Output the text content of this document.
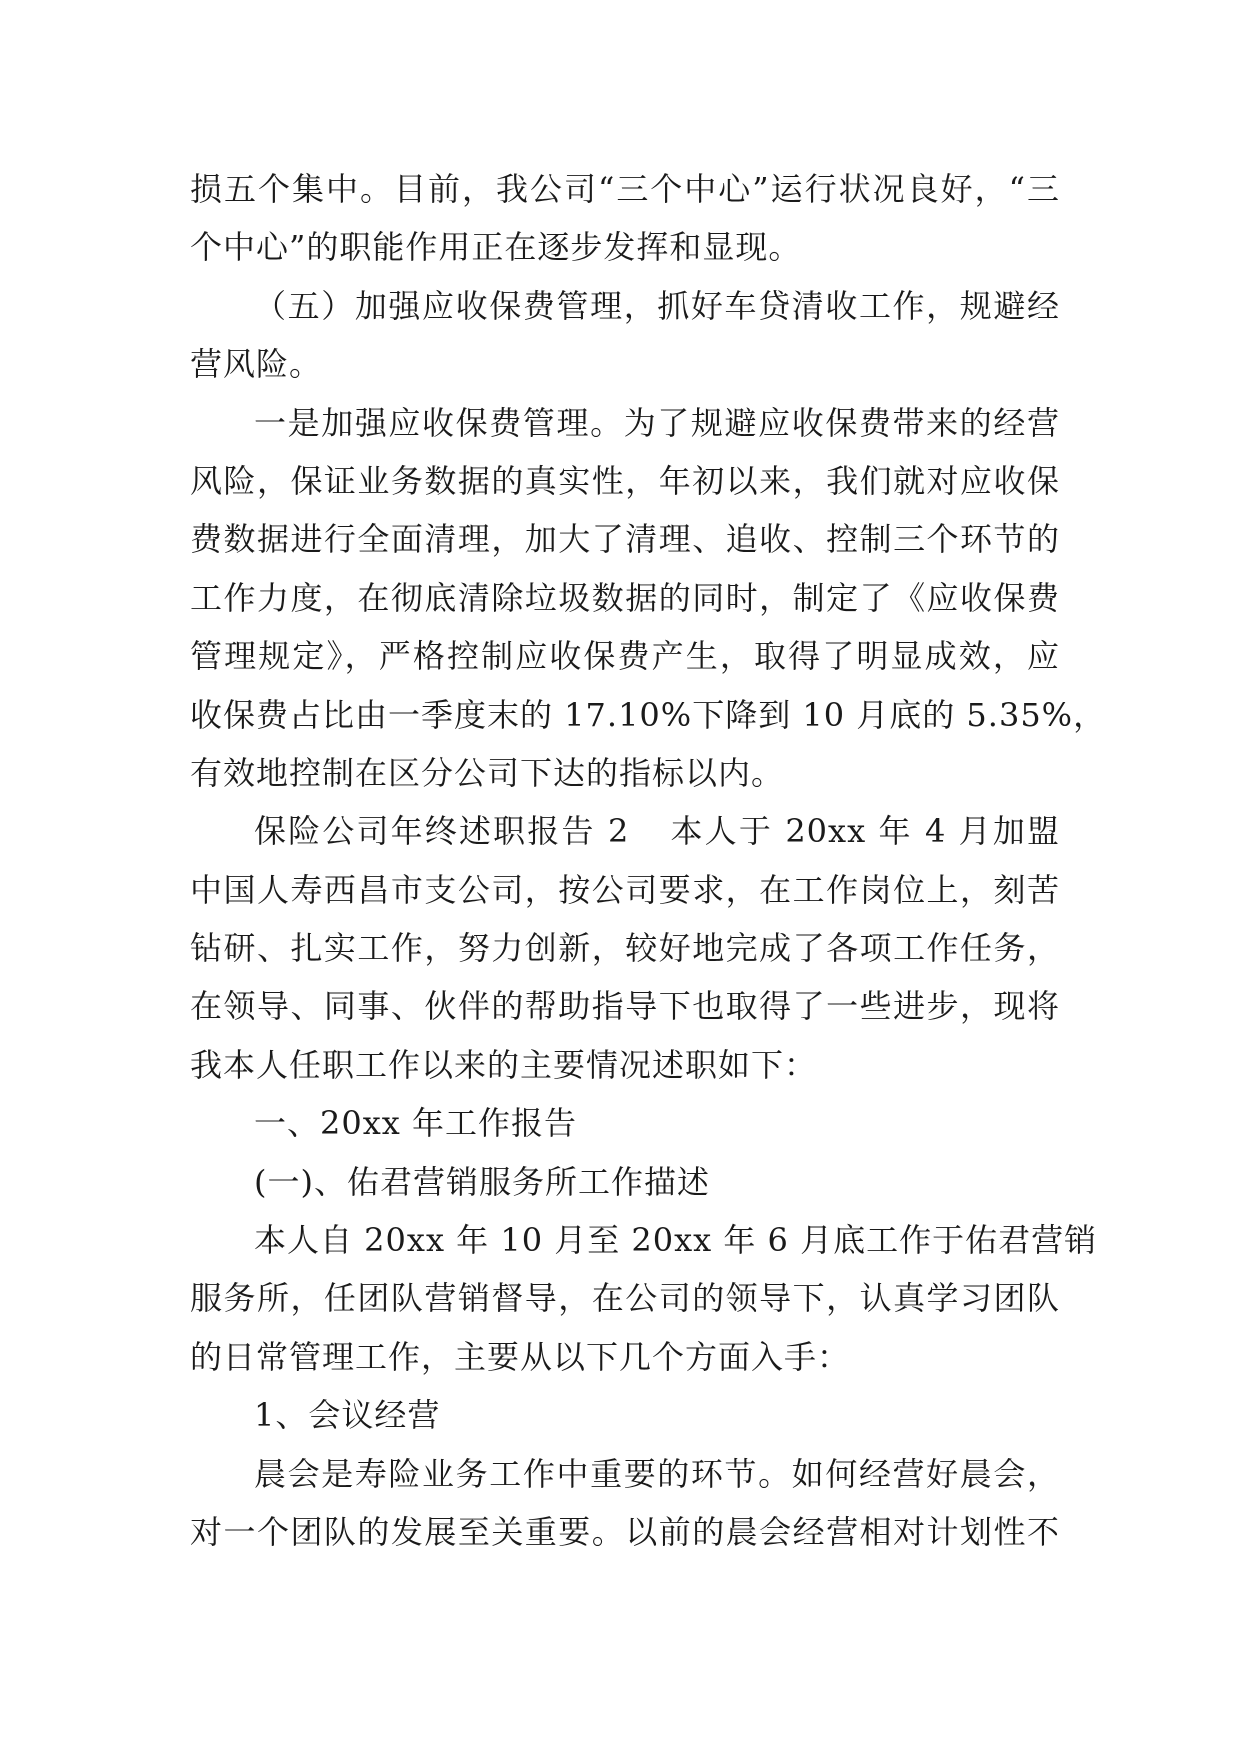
损五个集中。目前，我公司“三个中心”运行状况良好，“三
个中心”的职能作用正在逐步发挥和显现。
（五）加强应收保费管理，抓好车贷清收工作，规避经
营风险。
一是加强应收保费管理。为了规避应收保费带来的经营
风险，保证业务数据的真实性，年初以来，我们就对应收保
费数据进行全面清理，加大了清理、追收、控制三个环节的
工作力度，在彻底清除垃圾数据的同时，制定了《应收保费
管理规定》，严格控制应收保费产生，取得了明显成效，应
收保费占比由一季度末的 17.10%下降到 10 月底的 5.35%，
有效地控制在区分公司下达的指标以内。
保险公司年终述职报告 2 本人于 20xx 年 4 月加盟
中国人寿西昌市支公司，按公司要求，在工作岗位上，刻苦
钻研、扎实工作，努力创新，较好地完成了各项工作任务，
在领导、同事、伙伴的帮助指导下也取得了一些进步，现将
我本人任职工作以来的主要情况述职如下：
一、20xx 年工作报告
(一)、佑君营销服务所工作描述
本人自 20xx 年 10 月至 20xx 年 6 月底工作于佑君营销
服务所，任团队营销督导，在公司的领导下，认真学习团队
的日常管理工作，主要从以下几个方面入手：
1、会议经营
晨会是寿险业务工作中重要的环节。如何经营好晨会，
对一个团队的发展至关重要。以前的晨会经营相对计划性不
